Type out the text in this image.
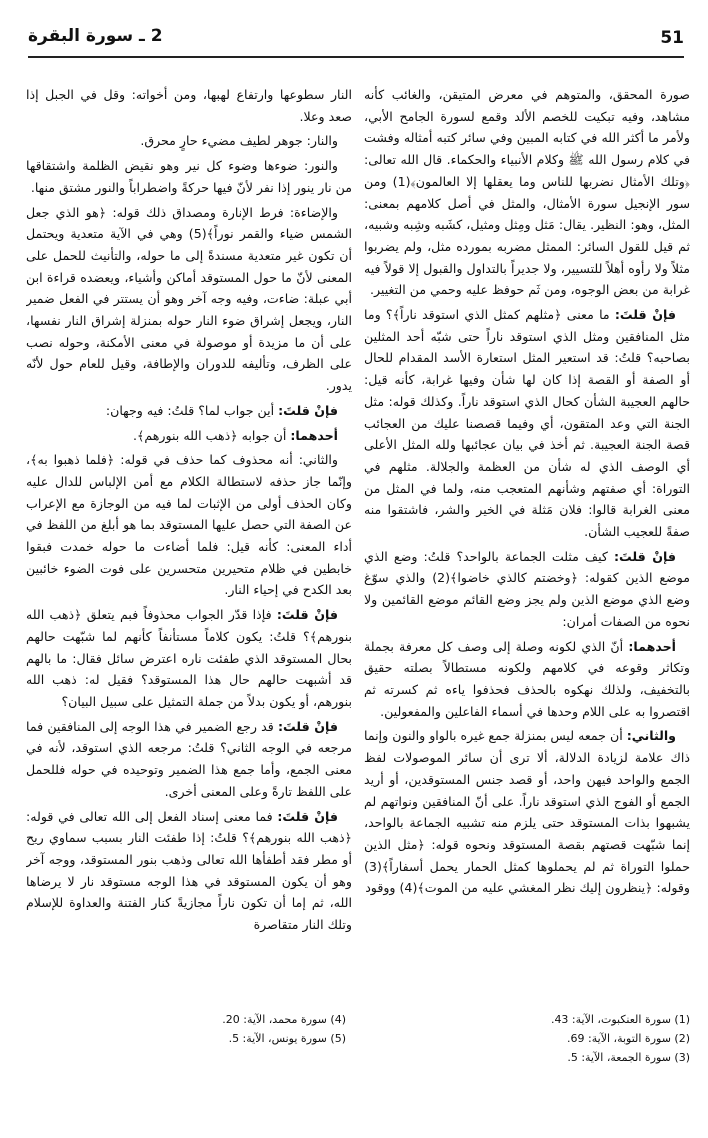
51
2 ـ سورة البقرة

صورة المحقق، والمتوهم في معرض المتيقن، والغائب كأنه مشاهد، وفيه تبكيت للخصم الألد وقمع لسورة الجامح الأبي، ولأمر ما أكثر الله في كتابه المبين وفي سائر كتبه أمثاله وفشت في كلام رسول الله ﷺ وكلام الأنبياء والحكماء. قال الله تعالى: ﴿وتلك الأمثال نضربها للناس وما يعقلها إلا العالمون﴾(1) ومن سور الإنجيل سورة الأمثال، والمثل في أصل كلامهم بمعنى: المثل، وهو: النظير. يقال: مَثل ومِثل ومثيل، كشَبه وشِبه وشبيه، ثم قيل للقول السائر: الممثل مضربه بمورده مثل، ولم يضربوا مثلاً ولا رأوه أهلاً للتسيير، ولا جديراً بالتداول والقبول إلا قولاً فيه غرابة من بعض الوجوه، ومن ثَم حوفظ عليه وحمي من التغيير.

فإنْ قلتَ: ما معنى ﴿مثلهم كمثل الذي استوقد ناراً﴾؟ وما مثل المنافقين ومثل الذي استوقد ناراً حتى شبّه أحد المثلين بصاحبه؟ قلتُ: قد استعير المثل استعارة الأسد المقدام للحال أو الصفة أو القصة إذا كان لها شأن وفيها غرابة، كأنه قيل: حالهم العجيبة الشأن كحال الذي استوقد ناراً. وكذلك قوله: مثل الجنة التي وعد المتقون، أي وفيما قصصنا عليك من العجائب قصة الجنة العجيبة. ثم أخذ في بيان عجائبها ولله المثل الأعلى أي الوصف الذي له شأن من العظمة والجلالة. مثلهم في التوراة: أي صفتهم وشأنهم المتعجب منه، ولما في المثل من معنى الغرابة قالوا: فلان مَثلة في الخير والشر، فاشتقوا منه صفةً للعجيب الشأن.

فإنْ قلتَ: كيف مثلت الجماعة بالواحد؟ قلتُ: وضع الذي موضع الذين كقوله: ﴿وخضتم كالذي خاضوا﴾(2) والذي سوّغ وضع الذي موضع الذين ولم يجز وضع القائم موضع القائمين ولا نحوه من الصفات أمران:

أحدهما: أنّ الذي لكونه وصلة إلى وصف كل معرفة بجملة وتكاثر وقوعه في كلامهم ولكونه مستطالاً بصلته حقيق بالتخفيف، ولذلك نهكوه بالحذف فحذفوا ياءه ثم كسرته ثم اقتصروا به على اللام وحدها في أسماء الفاعلين والمفعولين.

والثاني: أن جمعه ليس بمنزلة جمع غيره بالواو والنون وإنما ذاك علامة لزيادة الدلالة، ألا ترى أن سائر الموصولات لفظ الجمع والواحد فيهن واحد، أو قصد جنس المستوقدين، أو أريد الجمع أو الفوج الذي استوقد ناراً. على أنّ المنافقين ونواتهم لم يشبهوا بذات المستوقد حتى يلزم منه تشبيه الجماعة بالواحد، إنما شبّهت قصتهم بقصة المستوقد ونحوه قوله: ﴿مثل الذين حملوا التوراة ثم لم يحملوها كمثل الحمار يحمل أسفاراً﴾(3) وقوله: ﴿ينظرون إليك نظر المغشي عليه من الموت﴾(4) ووقود

النار سطوعها وارتفاع لهبها، ومن أخواته: وقل في الجبل إذا صعد وعلا.

والنار: جوهر لطيف مضيء حارٍ محرق.

والنور: ضوءها وضوء كل نير وهو نقيض الظلمة واشتقاقها من نار ينور إذا نفر لأنّ فيها حركةً واضطراباً والنور مشتق منها.

والإضاءة: فرط الإنارة ومصداق ذلك قوله: ﴿هو الذي جعل الشمس ضياء والقمر نوراً﴾(5) وهي في الآية متعدية ويحتمل أن تكون غير متعدية مسندةً إلى ما حوله، والتأنيث للحمل على المعنى لأنّ ما حول المستوقد أماكن وأشياء، ويعضده قراءة ابن أبي عبلة: ضاءت، وفيه وجه آخر وهو أن يستتر في الفعل ضمير النار، ويجعل إشراق ضوء النار حوله بمنزلة إشراق النار نفسها، على أن ما مزيدة أو موصولة في معنى الأمكنة، وحوله نصب على الظرف، وتأليفه للدوران والإطافة، وقيل للعام حول لأنّه يدور.

فإنْ قلتَ: أين جواب لما؟ قلتُ: فيه وجهان:

أحدهما: أن جوابه ﴿ذهب الله بنورهم﴾.

والثاني: أنه محذوف كما حذف في قوله: ﴿فلما ذهبوا به﴾، وإنّما جاز حذفه لاستطالة الكلام مع أمن الإلباس للدال عليه وكان الحذف أولى من الإثبات لما فيه من الوجازة مع الإعراب عن الصفة التي حصل عليها المستوقد بما هو أبلغ من اللفظ في أداء المعنى: كأنه قيل: فلما أضاءت ما حوله خمدت فبقوا خابطين في ظلام متحيرين متحسرين على فوت الضوء خائبين بعد الكدح في إحياء النار.

فإنْ قلتَ: فإذا قدّر الجواب محذوفاً فبم يتعلق ﴿ذهب الله بنورهم﴾؟ قلتُ: يكون كلاماً مستأنفاً كأنهم لما شبّهت حالهم بحال المستوقد الذي طفئت ناره اعترض سائل فقال: ما بالهم قد أشبهت حالهم حال هذا المستوقد؟ فقيل له: ذهب الله بنورهم، أو يكون بدلاً من جملة التمثيل على سبيل البيان؟

فإنْ قلتَ: قد رجع الضمير في هذا الوجه إلى المنافقين فما مرجعه في الوجه الثاني؟ قلتُ: مرجعه الذي استوقد، لأنه في معنى الجمع، وأما جمع هذا الضمير وتوحيده في حوله فللحمل على اللفظ تارةً وعلى المعنى أخرى.

فإنْ قلتَ: فما معنى إسناد الفعل إلى الله تعالى في قوله: ﴿ذهب الله بنورهم﴾؟ قلتُ: إذا طفئت النار بسبب سماوي ريح أو مطر فقد أطفأها الله تعالى وذهب بنور المستوقد، ووجه آخر وهو أن يكون المستوقد في هذا الوجه مستوقد نار لا يرضاها الله، ثم إما أن تكون ناراً مجازيةً كنار الفتنة والعداوة للإسلام وتلك النار متقاصرة

(1) سورة العنكبوت، الآية: 43.
(2) سورة التوبة، الآية: 69.
(3) سورة الجمعة، الآية: 5.
(4) سورة محمد، الآية: 20.
(5) سورة يونس، الآية: 5.
